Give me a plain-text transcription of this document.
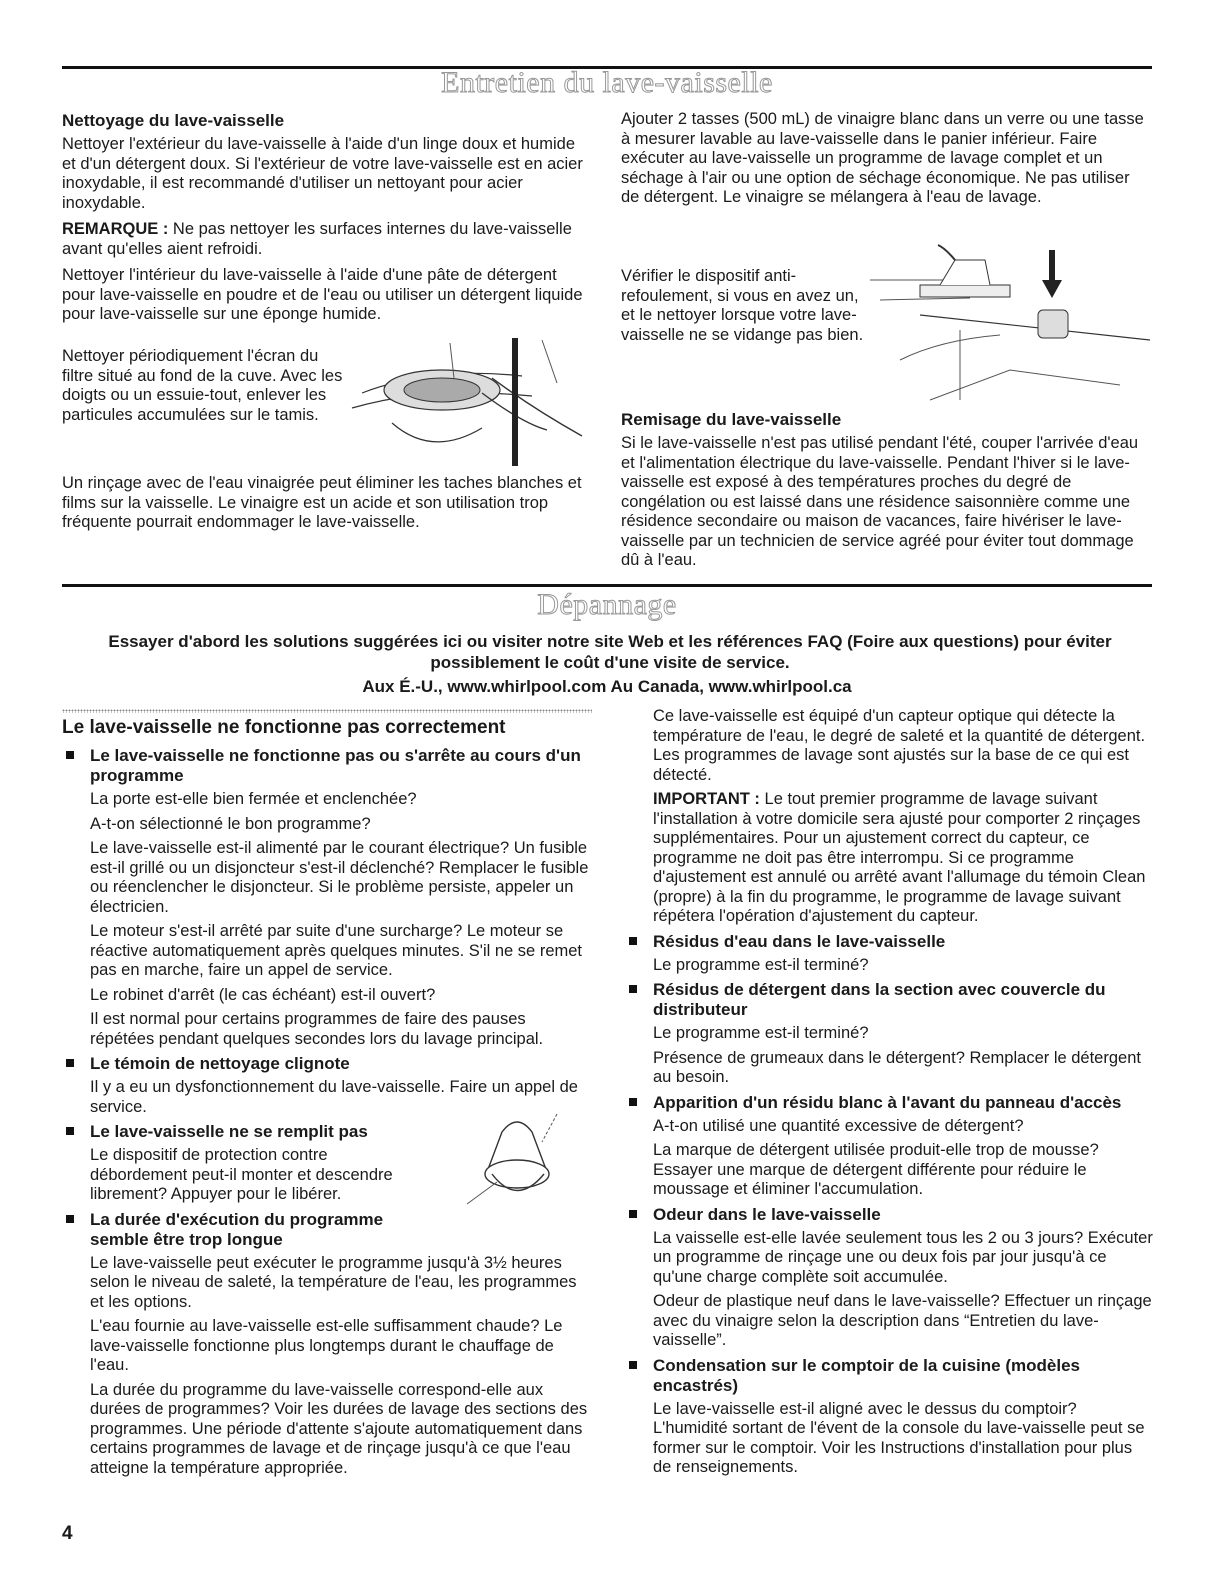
Entretien du lave-vaisselle
Nettoyage du lave-vaisselle
Nettoyer l'extérieur du lave-vaisselle à l'aide d'un linge doux et humide et d'un détergent doux. Si l'extérieur de votre lave-vaisselle est en acier inoxydable, il est recommandé d'utiliser un nettoyant pour acier inoxydable.
REMARQUE : Ne pas nettoyer les surfaces internes du lave-vaisselle avant qu'elles aient refroidi.
Nettoyer l'intérieur du lave-vaisselle à l'aide d'une pâte de détergent pour lave-vaisselle en poudre et de l'eau ou utiliser un détergent liquide pour lave-vaisselle sur une éponge humide.
Nettoyer périodiquement l'écran du filtre situé au fond de la cuve. Avec les doigts ou un essuie-tout, enlever les particules accumulées sur le tamis.
Un rinçage avec de l'eau vinaigrée peut éliminer les taches blanches et films sur la vaisselle. Le vinaigre est un acide et son utilisation trop fréquente pourrait endommager le lave-vaisselle.
Ajouter 2 tasses (500 mL) de vinaigre blanc dans un verre ou une tasse à mesurer lavable au lave-vaisselle dans le panier inférieur. Faire exécuter au lave-vaisselle un programme de lavage complet et un séchage à l'air ou une option de séchage économique. Ne pas utiliser de détergent. Le vinaigre se mélangera à l'eau de lavage.
Vérifier le dispositif anti-refoulement, si vous en avez un, et le nettoyer lorsque votre lave-vaisselle ne se vidange pas bien.
Remisage du lave-vaisselle
Si le lave-vaisselle n'est pas utilisé pendant l'été, couper l'arrivée d'eau et l'alimentation électrique du lave-vaisselle. Pendant l'hiver si le lave-vaisselle est exposé à des températures proches du degré de congélation ou est laissé dans une résidence saisonnière comme une résidence secondaire ou maison de vacances, faire hivériser le lave-vaisselle par un technicien de service agréé pour éviter tout dommage dû à l'eau.
Dépannage
Essayer d'abord les solutions suggérées ici ou visiter notre site Web et les références FAQ (Foire aux questions) pour éviter possiblement le coût d'une visite de service.
Aux É.-U., www.whirlpool.com Au Canada, www.whirlpool.ca
Le lave-vaisselle ne fonctionne pas correctement
Le lave-vaisselle ne fonctionne pas ou s'arrête au cours d'un programme
La porte est-elle bien fermée et enclenchée?
A-t-on sélectionné le bon programme?
Le lave-vaisselle est-il alimenté par le courant électrique? Un fusible est-il grillé ou un disjoncteur s'est-il déclenché? Remplacer le fusible ou réenclencher le disjoncteur. Si le problème persiste, appeler un électricien.
Le moteur s'est-il arrêté par suite d'une surcharge? Le moteur se réactive automatiquement après quelques minutes. S'il ne se remet pas en marche, faire un appel de service.
Le robinet d'arrêt (le cas échéant) est-il ouvert?
Il est normal pour certains programmes de faire des pauses répétées pendant quelques secondes lors du lavage principal.
Le témoin de nettoyage clignote
Il y a eu un dysfonctionnement du lave-vaisselle. Faire un appel de service.
Le lave-vaisselle ne se remplit pas
Le dispositif de protection contre débordement peut-il monter et descendre librement? Appuyer pour le libérer.
La durée d'exécution du programme semble être trop longue
Le lave-vaisselle peut exécuter le programme jusqu'à 3½ heures selon le niveau de saleté, la température de l'eau, les programmes et les options.
L'eau fournie au lave-vaisselle est-elle suffisamment chaude? Le lave-vaisselle fonctionne plus longtemps durant le chauffage de l'eau.
La durée du programme du lave-vaisselle correspond-elle aux durées de programmes? Voir les durées de lavage des sections des programmes. Une période d'attente s'ajoute automatiquement dans certains programmes de lavage et de rinçage jusqu'à ce que l'eau atteigne la température appropriée.
Ce lave-vaisselle est équipé d'un capteur optique qui détecte la température de l'eau, le degré de saleté et la quantité de détergent. Les programmes de lavage sont ajustés sur la base de ce qui est détecté.
IMPORTANT : Le tout premier programme de lavage suivant l'installation à votre domicile sera ajusté pour comporter 2 rinçages supplémentaires. Pour un ajustement correct du capteur, ce programme ne doit pas être interrompu. Si ce programme d'ajustement est annulé ou arrêté avant l'allumage du témoin Clean (propre) à la fin du programme, le programme de lavage suivant répétera l'opération d'ajustement du capteur.
Résidus d'eau dans le lave-vaisselle
Le programme est-il terminé?
Résidus de détergent dans la section avec couvercle du distributeur
Le programme est-il terminé?
Présence de grumeaux dans le détergent? Remplacer le détergent au besoin.
Apparition d'un résidu blanc à l'avant du panneau d'accès
A-t-on utilisé une quantité excessive de détergent?
La marque de détergent utilisée produit-elle trop de mousse? Essayer une marque de détergent différente pour réduire le moussage et éliminer l'accumulation.
Odeur dans le lave-vaisselle
La vaisselle est-elle lavée seulement tous les 2 ou 3 jours? Exécuter un programme de rinçage une ou deux fois par jour jusqu'à ce qu'une charge complète soit accumulée.
Odeur de plastique neuf dans le lave-vaisselle? Effectuer un rinçage avec du vinaigre selon la description dans “Entretien du lave-vaisselle”.
Condensation sur le comptoir de la cuisine (modèles encastrés)
Le lave-vaisselle est-il aligné avec le dessus du comptoir? L'humidité sortant de l'évent de la console du lave-vaisselle peut se former sur le comptoir. Voir les Instructions d'installation pour plus de renseignements.
4
